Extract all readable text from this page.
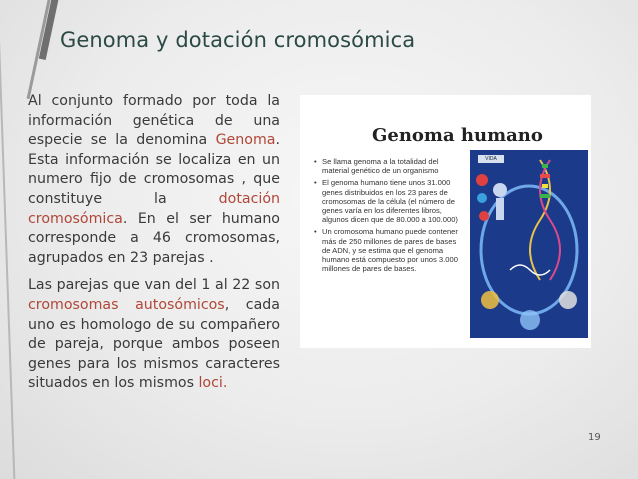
Genoma y dotación cromosómica

Al conjunto formado por toda la información genética de una especie se la denomina Genoma. Esta información se localiza en un numero fijo de cromosomas , que constituye la dotación cromosómica. En el ser humano corresponde a 46 cromosomas, agrupados en 23 parejas .

Las parejas que van del 1 al 22 son cromosomas autosómicos, cada uno es homologo de su compañero de pareja, porque ambos poseen genes para los mismos caracteres situados en los mismos loci.

Genoma humano
• Se llama genoma a la totalidad del material genético de un organismo
• El genoma humano tiene unos 31.000 genes distribuidos en los 23 pares de cromosomas de la célula (el número de genes varía en los diferentes libros, algunos dicen que de 80.000 a 100.000)
• Un cromosoma humano puede contener más de 250 millones de pares de bases de ADN, y se estima que el genoma humano está compuesto por unos 3.000 millones de pares de bases.
VIDA
19
